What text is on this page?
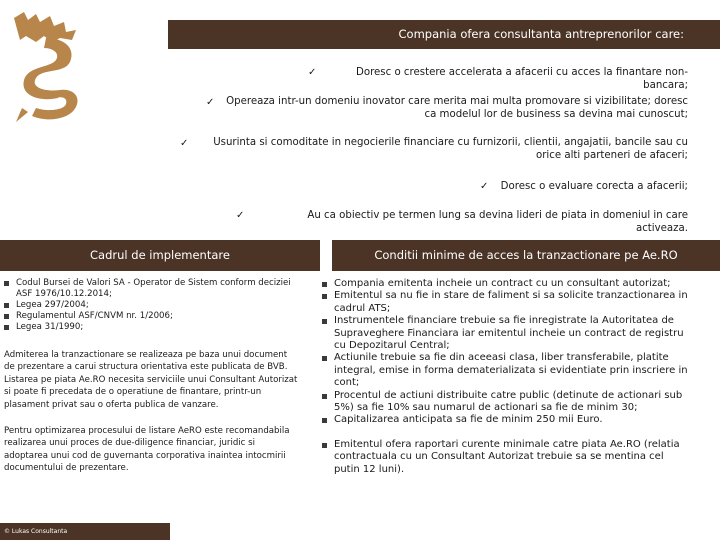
Compania ofera consultanta antreprenorilor care:
✓	Doresc o crestere accelerata a afacerii cu acces la finantare non-bancara;
✓ Opereaza intr-un domeniu inovator care merita mai multa promovare si vizibilitate; doresc ca modelul lor de business sa devina mai cunoscut;
✓	Usurinta si comoditate in negocierile financiare cu furnizorii, clientii, angajatii, bancile sau cu orice alti parteneri de afaceri;
✓ Doresc o evaluare corecta a afacerii;
✓	Au ca obiectiv pe termen lung sa devina lideri de piata in domeniul in care activeaza.
Cadrul de implementare	Conditii minime de acces la tranzactionare pe Ae.RO
Codul Bursei de Valori SA - Operator de Sistem conform deciziei ASF 1976/10.12.2014;
Legea 297/2004;
Regulamentul ASF/CNVM nr. 1/2006;
Legea 31/1990;

Admiterea la tranzactionare se realizeaza pe baza unui document de prezentare a carui structura orientativa este publicata de BVB. Listarea pe piata Ae.RO necesita serviciile unui Consultant Autorizat si poate fi precedata de o operatiune de finantare, printr-un plasament privat sau o oferta publica de vanzare.

Pentru optimizarea procesului de listare AeRO este recomandabila realizarea unui proces de due-diligence financiar, juridic si adoptarea unui cod de guvernanta corporativa inaintea intocmirii documentului de prezentare.

Compania emitenta incheie un contract cu un consultant autorizat;
Emitentul sa nu fie in stare de faliment si sa solicite tranzactionarea in cadrul ATS;
Instrumentele financiare trebuie sa fie inregistrate la Autoritatea de Supraveghere Financiara iar emitentul incheie un contract de registru cu Depozitarul Central;
Actiunile trebuie sa fie din aceeasi clasa, liber transferabile, platite integral, emise in forma dematerializata si evidentiate prin inscriere in cont;
Procentul de actiuni distribuite catre public (detinute de actionari sub 5%) sa fie 10% sau numarul de actionari sa fie de minim 30;
Capitalizarea anticipata sa fie de minim 250 mii Euro.
Emitentul ofera raportari curente minimale catre piata Ae.RO (relatia contractuala cu un Consultant Autorizat trebuie sa se mentina cel putin 12 luni).
© Lukas Consultanta
